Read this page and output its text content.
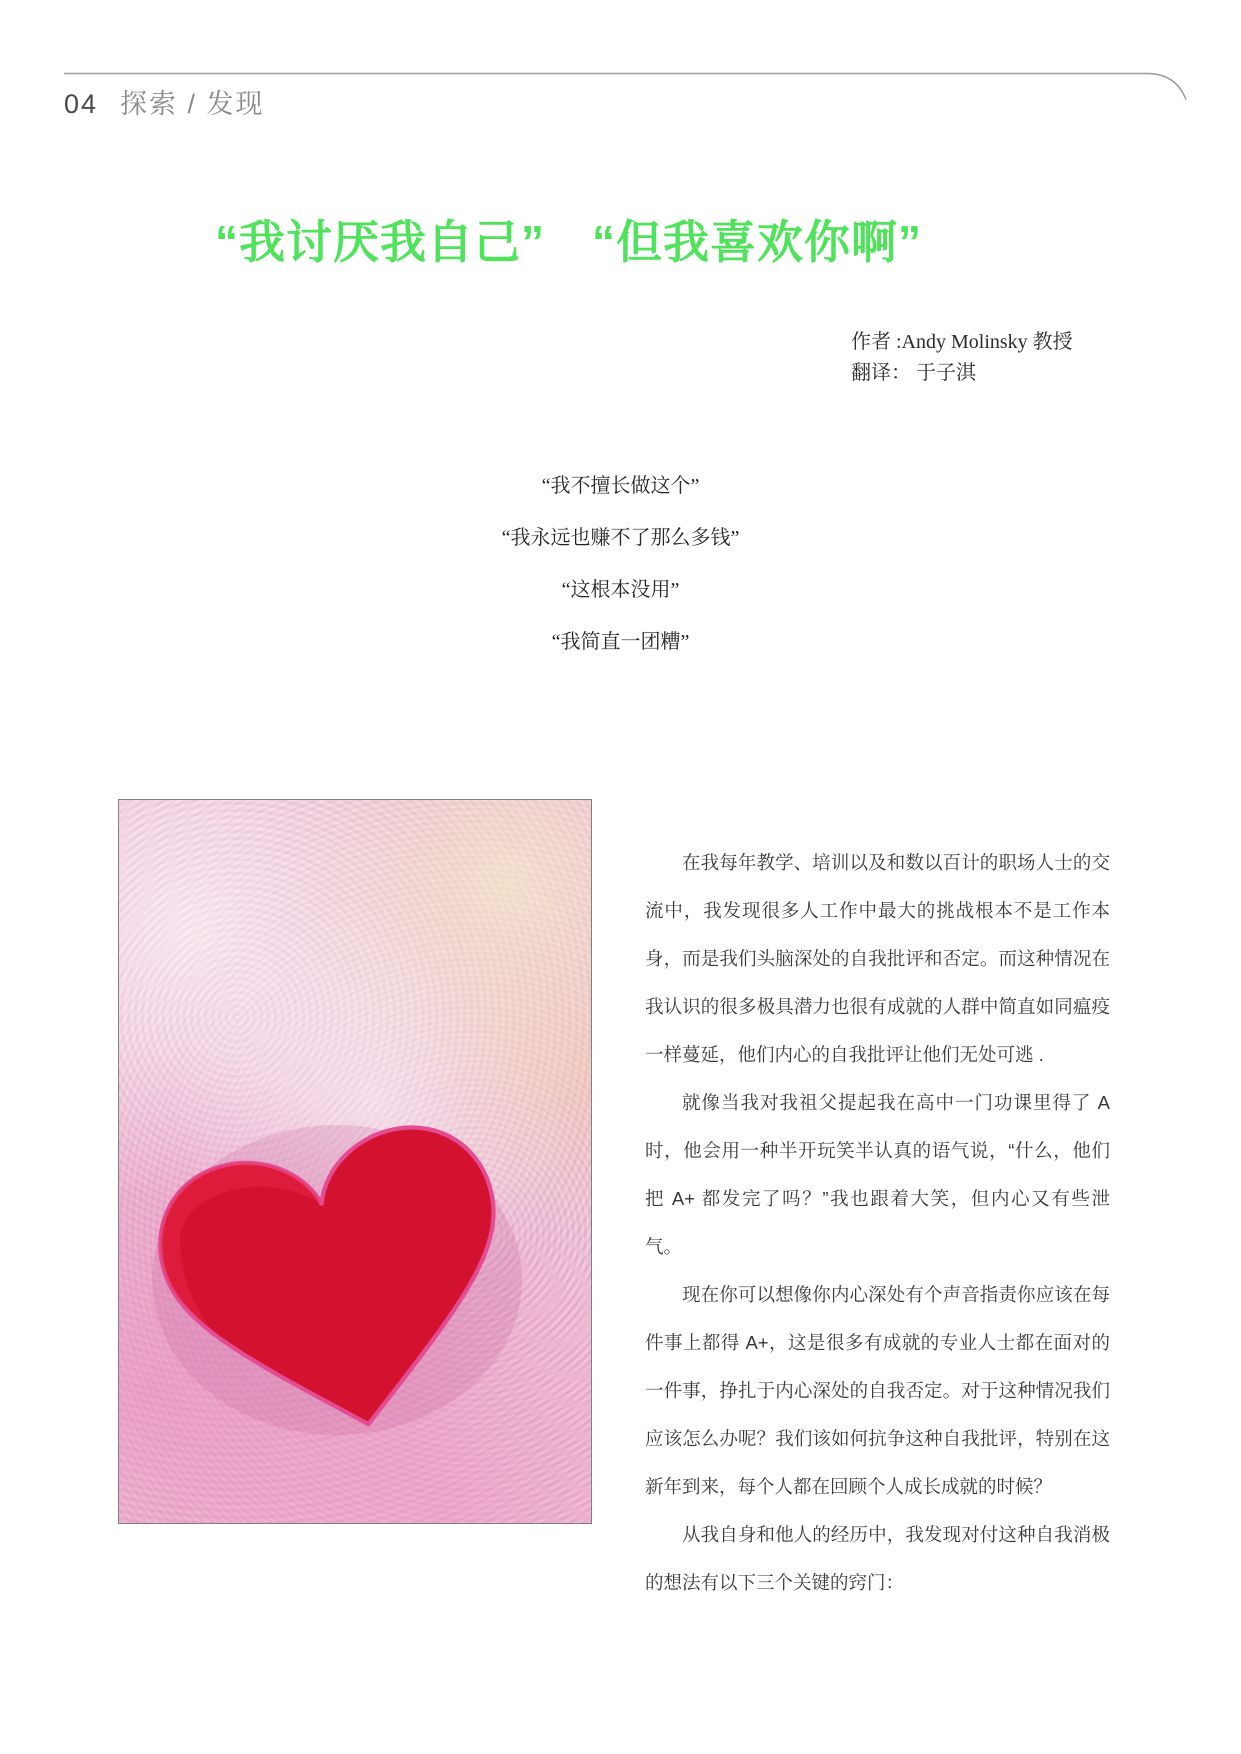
04 探索 / 发现
“我讨厌我自己”　“但我喜欢你啊”
作者 :Andy Molinsky 教授
翻译： 于子淇
“我不擅长做这个”
“我永远也赚不了那么多钱”
“这根本没用”
“我简直一团糟”

在我每年教学、培训以及和数以百计的职场人士的交流中，我发现很多人工作中最大的挑战根本不是工作本身，而是我们头脑深处的自我批评和否定。而这种情况在我认识的很多极具潜力也很有成就的人群中简直如同瘟疫一样蔓延，他们内心的自我批评让他们无处可逃 .

就像当我对我祖父提起我在高中一门功课里得了 A 时，他会用一种半开玩笑半认真的语气说，“什么，他们把 A+ 都发完了吗？”我也跟着大笑，但内心又有些泄气。

现在你可以想像你内心深处有个声音指责你应该在每件事上都得 A+，这是很多有成就的专业人士都在面对的一件事，挣扎于内心深处的自我否定。对于这种情况我们应该怎么办呢？我们该如何抗争这种自我批评，特别在这新年到来，每个人都在回顾个人成长成就的时候？

从我自身和他人的经历中，我发现对付这种自我消极的想法有以下三个关键的窍门：
